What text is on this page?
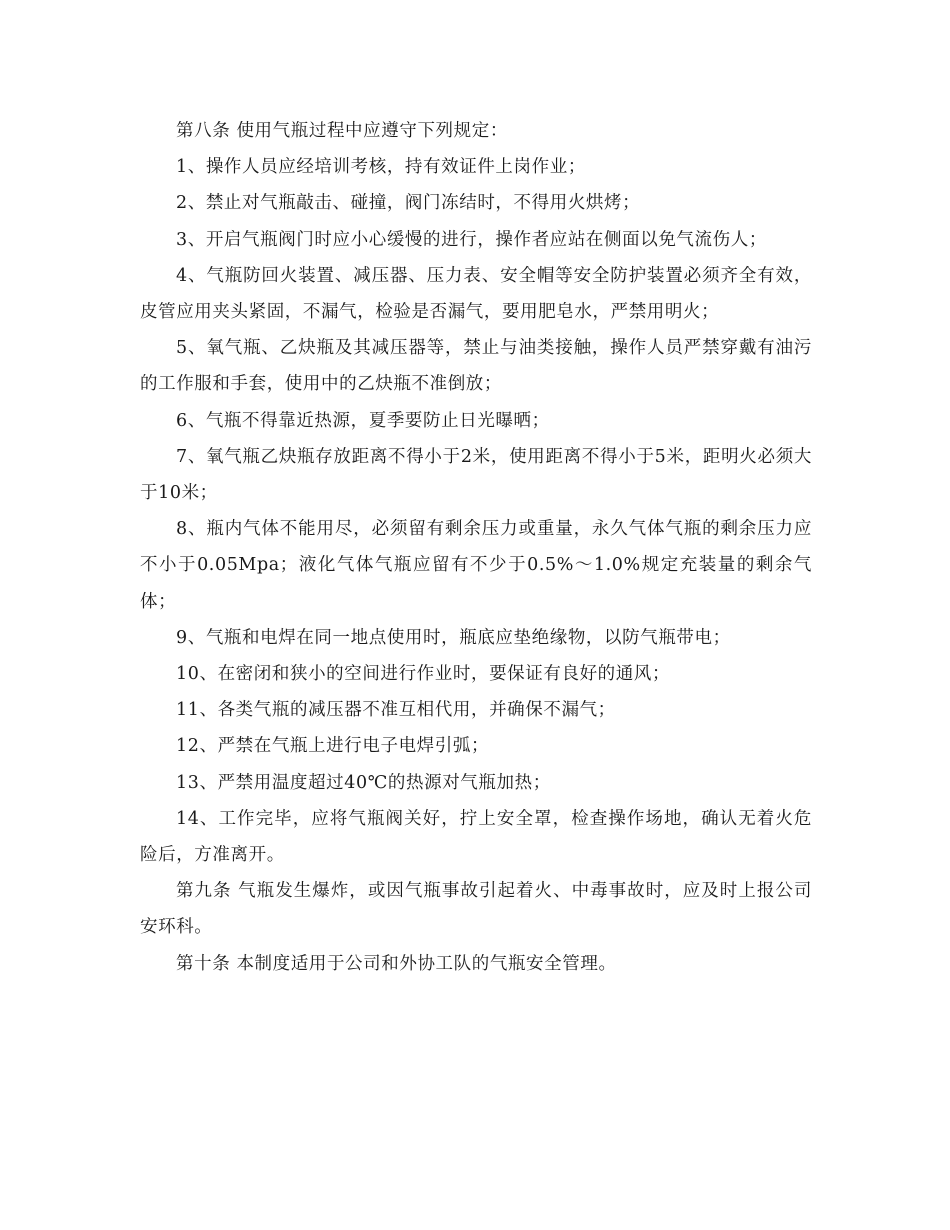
第八条 使用气瓶过程中应遵守下列规定：

1、操作人员应经培训考核，持有效证件上岗作业；

2、禁止对气瓶敲击、碰撞，阀门冻结时，不得用火烘烤；

3、开启气瓶阀门时应小心缓慢的进行，操作者应站在侧面以免气流伤人；

4、气瓶防回火装置、减压器、压力表、安全帽等安全防护装置必须齐全有效，皮管应用夹头紧固，不漏气，检验是否漏气，要用肥皂水，严禁用明火；

5、氧气瓶、乙炔瓶及其减压器等，禁止与油类接触，操作人员严禁穿戴有油污的工作服和手套，使用中的乙炔瓶不准倒放；

6、气瓶不得靠近热源，夏季要防止日光曝晒；

7、氧气瓶乙炔瓶存放距离不得小于2米，使用距离不得小于5米，距明火必须大于10米；

8、瓶内气体不能用尽，必须留有剩余压力或重量，永久气体气瓶的剩余压力应不小于0.05Mpa；液化气体气瓶应留有不少于0.5%～1.0%规定充装量的剩余气体；

9、气瓶和电焊在同一地点使用时，瓶底应垫绝缘物，以防气瓶带电；

10、在密闭和狭小的空间进行作业时，要保证有良好的通风；

11、各类气瓶的减压器不准互相代用，并确保不漏气；

12、严禁在气瓶上进行电子电焊引弧；

13、严禁用温度超过40℃的热源对气瓶加热；

14、工作完毕，应将气瓶阀关好，拧上安全罩，检查操作场地，确认无着火危险后，方准离开。

第九条 气瓶发生爆炸，或因气瓶事故引起着火、中毒事故时，应及时上报公司安环科。

第十条 本制度适用于公司和外协工队的气瓶安全管理。
